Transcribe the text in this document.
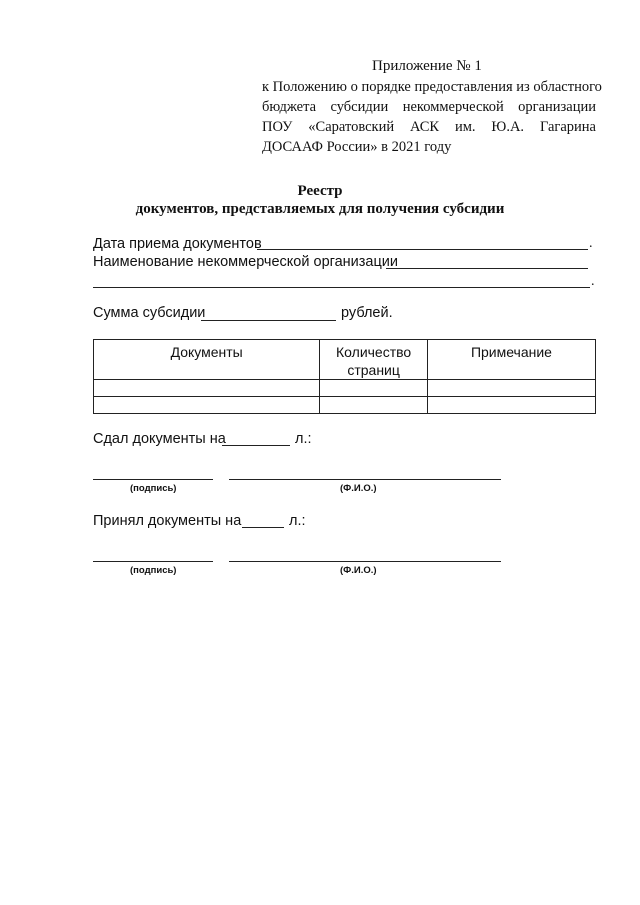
Приложение № 1
к Положению о порядке предоставления из областного
бюджета субсидии некоммерческой организации
ПОУ «Саратовский АСК им. Ю.А. Гагарина
ДОСААФ России» в 2021 году
Реестр
документов, представляемых для получения субсидии
Дата приема документов	.
Наименование некоммерческой организации
.
Сумма субсидии	рублей.
Документы	Количество страниц	Примечание

Сдал документы на	л.:
(подпись)	(Ф.И.О.)
Принял документы на	л.:
(подпись)	(Ф.И.О.)
